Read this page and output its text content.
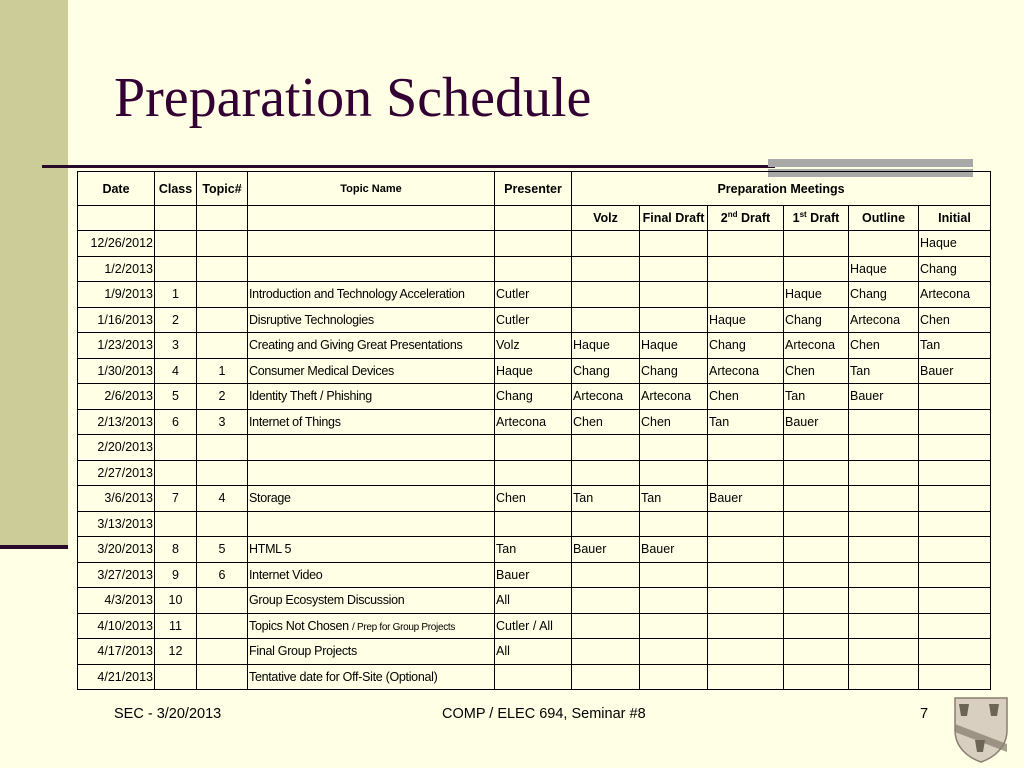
Preparation Schedule
Date	Class	Topic#	Topic Name	Presenter	Preparation Meetings					
					Volz	Final Draft	2nd Draft	1st Draft	Outline	Initial
12/26/2012										Haque
1/2/2013									Haque	Chang
1/9/2013	1		Introduction and Technology Acceleration	Cutler				Haque	Chang	Artecona
1/16/2013	2		Disruptive Technologies	Cutler			Haque	Chang	Artecona	Chen
1/23/2013	3		Creating and Giving Great Presentations	Volz	Haque	Haque	Chang	Artecona	Chen	Tan
1/30/2013	4	1	Consumer Medical Devices	Haque	Chang	Chang	Artecona	Chen	Tan	Bauer
2/6/2013	5	2	Identity Theft / Phishing	Chang	Artecona	Artecona	Chen	Tan	Bauer	
2/13/2013	6	3	Internet of Things	Artecona	Chen	Chen	Tan	Bauer		
2/20/2013										
2/27/2013										
3/6/2013	7	4	Storage	Chen	Tan	Tan	Bauer			
3/13/2013										
3/20/2013	8	5	HTML 5	Tan	Bauer	Bauer				
3/27/2013	9	6	Internet Video	Bauer						
4/3/2013	10		Group Ecosystem Discussion	All						
4/10/2013	11		Topics Not Chosen / Prep for Group Projects	Cutler / All						
4/17/2013	12		Final Group Projects	All						
4/21/2013			Tentative date for Off-Site (Optional)							
SEC - 3/20/2013	COMP / ELEC 694, Seminar #8	7
